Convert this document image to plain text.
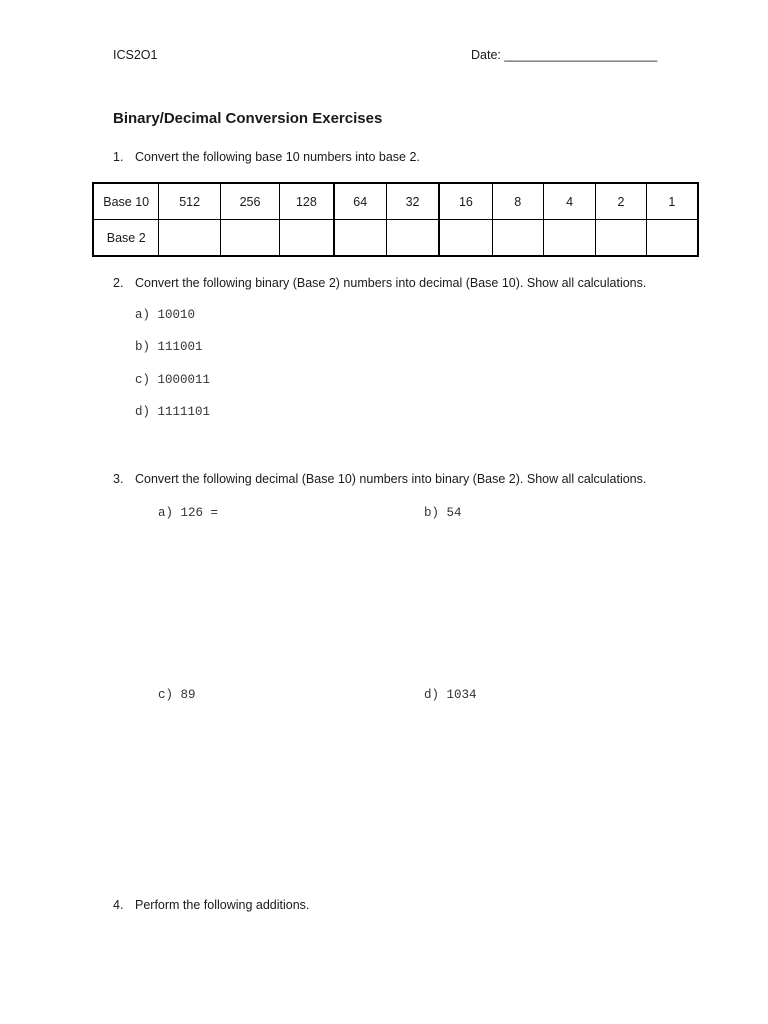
ICS2O1	Date: ______________________
Binary/Decimal Conversion Exercises
1. Convert the following base 10 numbers into base 2.
Base 10	512	256	128	64	32	16	8	4	2	1
Base 2										
2. Convert the following binary (Base 2) numbers into decimal (Base 10). Show all calculations.
a) 10010
b) 111001
c) 1000011
d) 1111101
3. Convert the following decimal (Base 10) numbers into binary (Base 2). Show all calculations.
a) 126 =	b) 54
c) 89	d) 1034
4. Perform the following additions.
